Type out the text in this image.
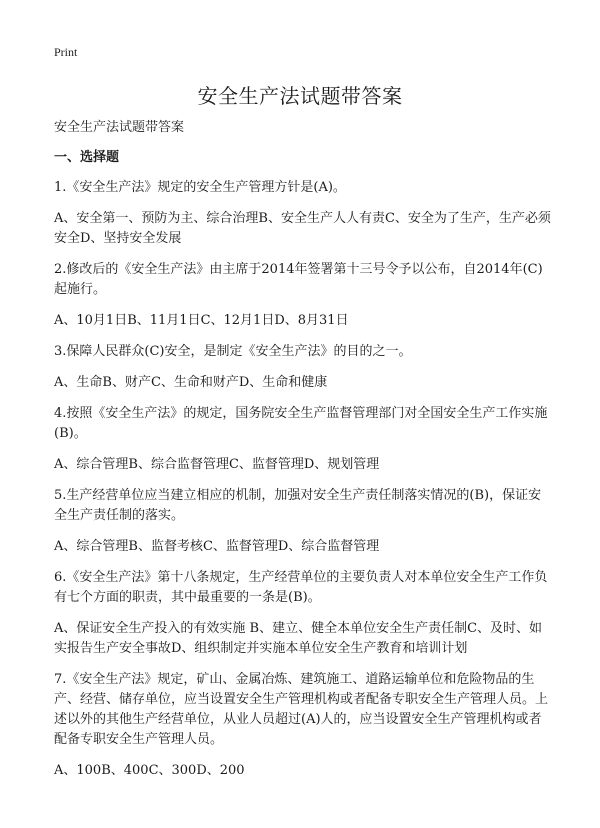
Print
安全生产法试题带答案

安全生产法试题带答案

一、选择题

1.《安全生产法》规定的安全生产管理方针是(A)。

A、安全第一、预防为主、综合治理B、安全生产人人有责C、安全为了生产，生产必须安全D、坚持安全发展

2.修改后的《安全生产法》由主席于2014年签署第十三号令予以公布，自2014年(C)起施行。

A、10月1日B、11月1日C、12月1日D、8月31日

3.保障人民群众(C)安全，是制定《安全生产法》的目的之一。

A、生命B、财产C、生命和财产D、生命和健康

4.按照《安全生产法》的规定，国务院安全生产监督管理部门对全国安全生产工作实施(B)。

A、综合管理B、综合监督管理C、监督管理D、规划管理

5.生产经营单位应当建立相应的机制，加强对安全生产责任制落实情况的(B)，保证安全生产责任制的落实。

A、综合管理B、监督考核C、监督管理D、综合监督管理

6.《安全生产法》第十八条规定，生产经营单位的主要负责人对本单位安全生产工作负有七个方面的职责，其中最重要的一条是(B)。

A、保证安全生产投入的有效实施 B、建立、健全本单位安全生产责任制C、及时、如实报告生产安全事故D、组织制定并实施本单位安全生产教育和培训计划

7.《安全生产法》规定，矿山、金属冶炼、建筑施工、道路运输单位和危险物品的生产、经营、储存单位，应当设置安全生产管理机构或者配备专职安全生产管理人员。上述以外的其他生产经营单位，从业人员超过(A)人的，应当设置安全生产管理机构或者配备专职安全生产管理人员。

A、100B、400C、300D、200
